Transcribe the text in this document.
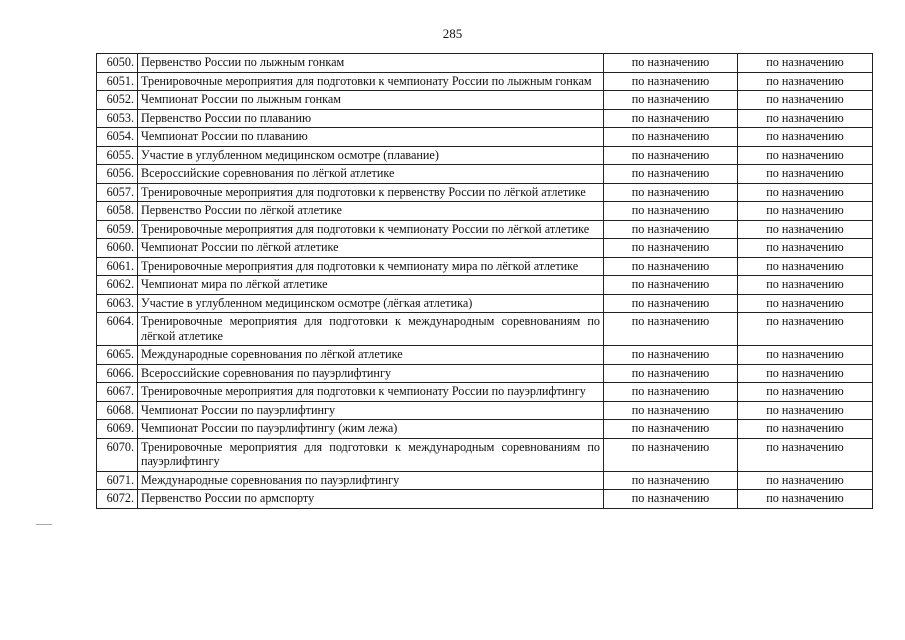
285
6050.	Первенство России по лыжным гонкам	по назначению	по назначению
6051.	Тренировочные мероприятия для подготовки к чемпионату России по лыжным гонкам	по назначению	по назначению
6052.	Чемпионат России по лыжным гонкам	по назначению	по назначению
6053.	Первенство России по плаванию	по назначению	по назначению
6054.	Чемпионат России по плаванию	по назначению	по назначению
6055.	Участие в углубленном медицинском осмотре (плавание)	по назначению	по назначению
6056.	Всероссийские соревнования по лёгкой атлетике	по назначению	по назначению
6057.	Тренировочные мероприятия для подготовки к первенству России по лёгкой атлетике	по назначению	по назначению
6058.	Первенство России по лёгкой атлетике	по назначению	по назначению
6059.	Тренировочные мероприятия для подготовки к чемпионату России по лёгкой атлетике	по назначению	по назначению
6060.	Чемпионат России по лёгкой атлетике	по назначению	по назначению
6061.	Тренировочные мероприятия для подготовки к чемпионату мира по лёгкой атлетике	по назначению	по назначению
6062.	Чемпионат мира по лёгкой атлетике	по назначению	по назначению
6063.	Участие в углубленном медицинском осмотре (лёгкая атлетика)	по назначению	по назначению
6064.	Тренировочные мероприятия для подготовки к международным соревнованиям по лёгкой атлетике	по назначению	по назначению
6065.	Международные соревнования по лёгкой атлетике	по назначению	по назначению
6066.	Всероссийские соревнования по пауэрлифтингу	по назначению	по назначению
6067.	Тренировочные мероприятия для подготовки к чемпионату России по пауэрлифтингу	по назначению	по назначению
6068.	Чемпионат России по пауэрлифтингу	по назначению	по назначению
6069.	Чемпионат России по пауэрлифтингу (жим лежа)	по назначению	по назначению
6070.	Тренировочные мероприятия для подготовки к международным соревнованиям по пауэрлифтингу	по назначению	по назначению
6071.	Международные соревнования по пауэрлифтингу	по назначению	по назначению
6072.	Первенство России по армспорту	по назначению	по назначению
